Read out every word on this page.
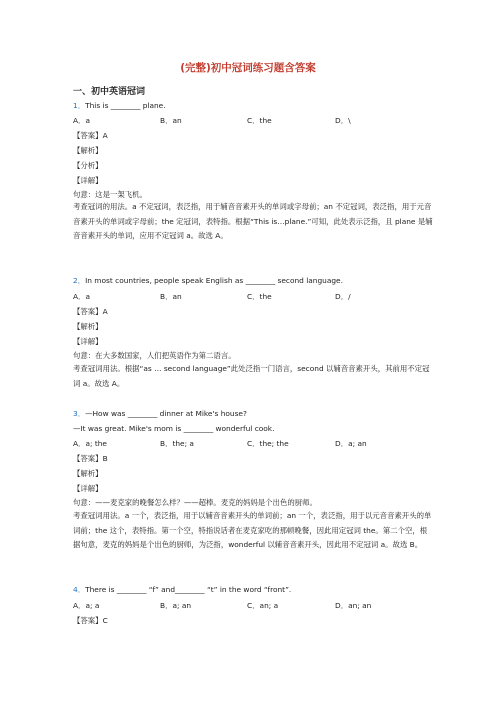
(完整)初中冠词练习题含答案
一、初中英语冠词
1．This is ________ plane.
A．a	B．an	C．the	D．\
【答案】A
【解析】
【分析】
【详解】
句意：这是一架飞机。
考查冠词的用法。a 不定冠词，表泛指，用于辅音音素开头的单词或字母前；an 不定冠词，表泛指，用于元音音素开头的单词或字母前；the 定冠词，表特指。根据“This is…plane.”可知，此处表示泛指，且 plane 是辅音音素开头的单词，应用不定冠词 a。故选 A。
2．In most countries, people speak English as ________ second language.
A．a	B．an	C．the	D．/
【答案】A
【解析】
【详解】
句意：在大多数国家，人们把英语作为第二语言。
考查冠词用法。根据“as … second language”此处泛指一门语言，second 以辅音音素开头，其前用不定冠词 a。故选 A。
3．—How was ________ dinner at Mike's house?
—It was great. Mike's mom is ________ wonderful cook.
A．a; the	B．the; a	C．the; the	D．a; an
【答案】B
【解析】
【详解】
句意：——麦克家的晚餐怎么样？——超棒。麦克的妈妈是个出色的厨师。
考查冠词用法。a 一个，表泛指，用于以辅音音素开头的单词前；an 一个，表泛指，用于以元音音素开头的单词前；the 这个，表特指。第一个空，特指说话者在麦克家吃的那顿晚餐，因此用定冠词 the。第二个空，根据句意，麦克的妈妈是个出色的厨师，为泛指，wonderful 以辅音音素开头，因此用不定冠词 a。故选 B。
4．There is ________ “f” and________ “t” in the word “front”.
A．a; a	B．a; an	C．an; a	D．an; an
【答案】C
